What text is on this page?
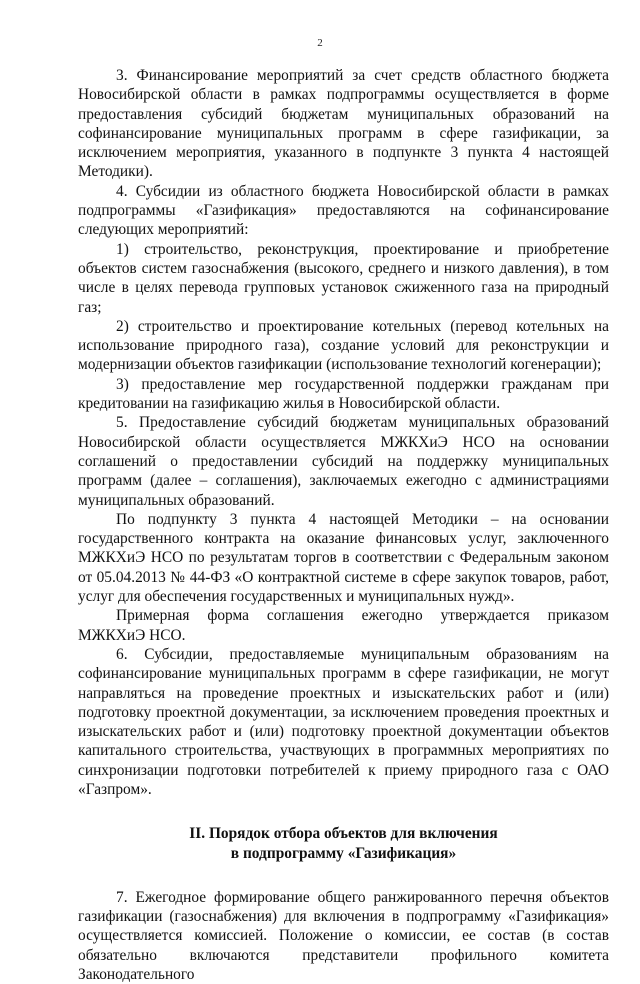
2

3. Финансирование мероприятий за счет средств областного бюджета Новосибирской области в рамках подпрограммы осуществляется в форме предоставления субсидий бюджетам муниципальных образований на софинансирование муниципальных программ в сфере газификации, за исключением мероприятия, указанного в подпункте 3 пункта 4 настоящей Методики).

4. Субсидии из областного бюджета Новосибирской области в рамках подпрограммы «Газификация» предоставляются на софинансирование следующих мероприятий:

1) строительство, реконструкция, проектирование и приобретение объектов систем газоснабжения (высокого, среднего и низкого давления), в том числе в целях перевода групповых установок сжиженного газа на природный газ;

2) строительство и проектирование котельных (перевод котельных на использование природного газа), создание условий для реконструкции и модернизации объектов газификации (использование технологий когенерации);

3) предоставление мер государственной поддержки гражданам при кредитовании на газификацию жилья в Новосибирской области.

5. Предоставление субсидий бюджетам муниципальных образований Новосибирской области осуществляется МЖКХиЭ НСО на основании соглашений о предоставлении субсидий на поддержку муниципальных программ (далее – соглашения), заключаемых ежегодно с администрациями муниципальных образований.

По подпункту 3 пункта 4 настоящей Методики – на основании государственного контракта на оказание финансовых услуг, заключенного МЖКХиЭ НСО по результатам торгов в соответствии с Федеральным законом от 05.04.2013 № 44-ФЗ «О контрактной системе в сфере закупок товаров, работ, услуг для обеспечения государственных и муниципальных нужд».

Примерная форма соглашения ежегодно утверждается приказом МЖКХиЭ НСО.

6. Субсидии, предоставляемые муниципальным образованиям на софинансирование муниципальных программ в сфере газификации, не могут направляться на проведение проектных и изыскательских работ и (или) подготовку проектной документации, за исключением проведения проектных и изыскательских работ и (или) подготовку проектной документации объектов капитального строительства, участвующих в программных мероприятиях по синхронизации подготовки потребителей к приему природного газа с ОАО «Газпром».

II. Порядок отбора объектов для включения
в подпрограмму «Газификация»

7. Ежегодное формирование общего ранжированного перечня объектов газификации (газоснабжения) для включения в подпрограмму «Газификация» осуществляется комиссией. Положение о комиссии, ее состав (в состав обязательно включаются представители профильного комитета Законодательного
